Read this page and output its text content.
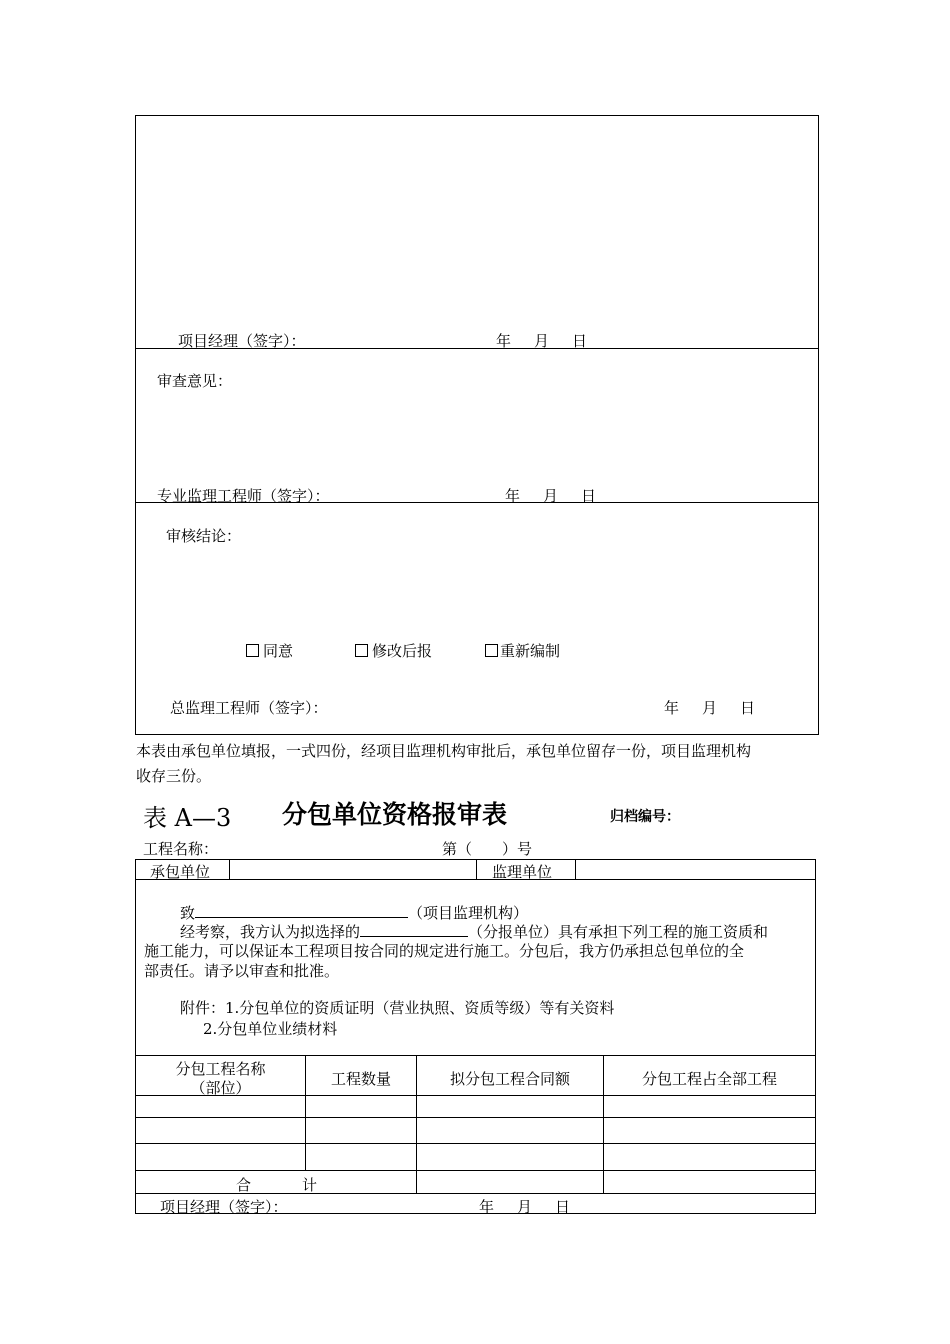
项目经理（签字）：	年 月 日
审查意见：
专业监理工程师（签字）：	年 月 日
审核结论：
同意	修改后报	重新编制
总监理工程师（签字）：	年 月 日
本表由承包单位填报，一式四份，经项目监理机构审批后，承包单位留存一份，项目监理机构
收存三份。
表 A—3 分包单位资格报审表	归档编号：
工程名称：	第（　　）号
承包单位	监理单位
致	（项目监理机构）
经考察，我方认为拟选择的	（分报单位）具有承担下列工程的施工资质和
施工能力，可以保证本工程项目按合同的规定进行施工。分包后，我方仍承担总包单位的全
部责任。请予以审查和批准。
附件：1.分包单位的资质证明（营业执照、资质等级）等有关资料
2.分包单位业绩材料
分包工程名称
（部位）	工程数量	拟分包工程合同额	分包工程占全部工程
合	计
项目经理（签字）：	年 月 日
